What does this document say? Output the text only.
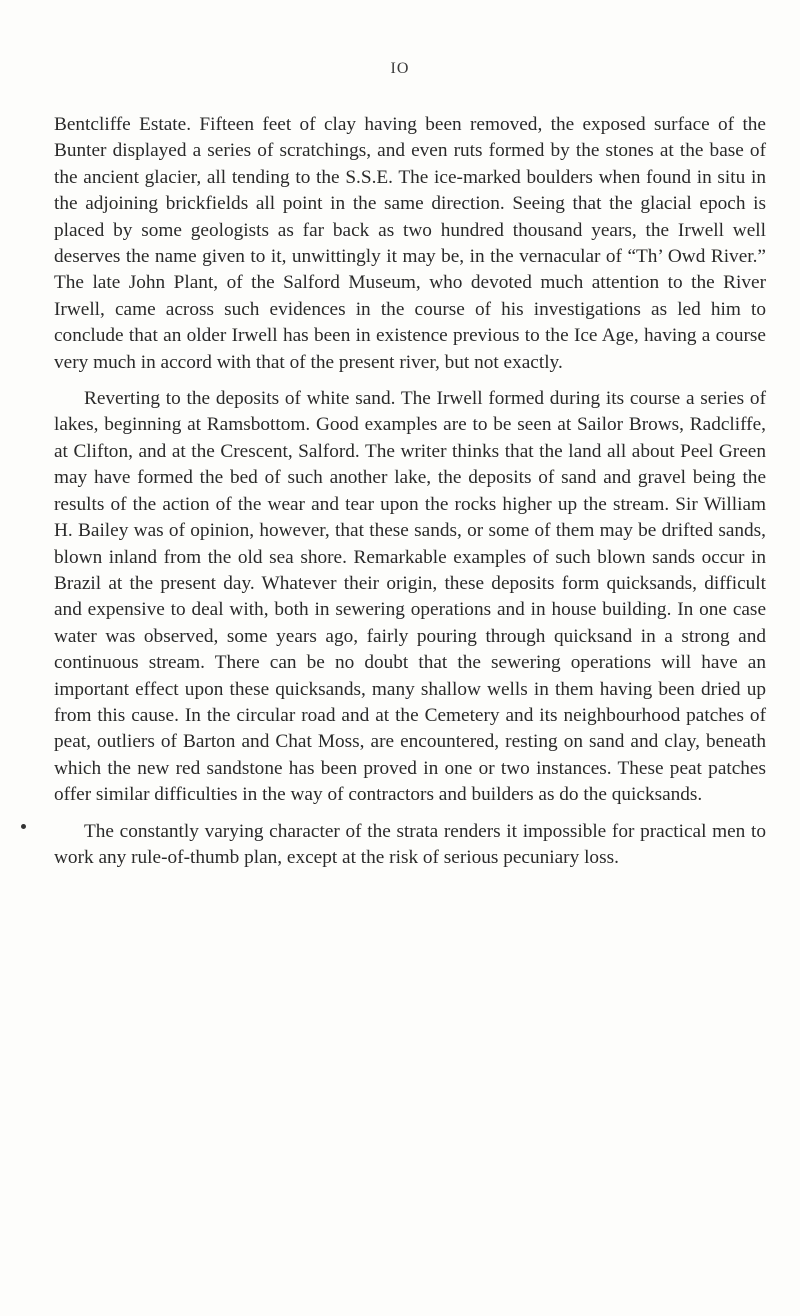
IO

Bentcliffe Estate. Fifteen feet of clay having been removed, the exposed surface of the Bunter displayed a series of scratchings, and even ruts formed by the stones at the base of the ancient glacier, all tending to the S.S.E. The ice-marked boulders when found in situ in the adjoining brickfields all point in the same direction. Seeing that the glacial epoch is placed by some geologists as far back as two hundred thousand years, the Irwell well deserves the name given to it, unwittingly it may be, in the vernacular of “Th’ Owd River.” The late John Plant, of the Salford Museum, who devoted much attention to the River Irwell, came across such evidences in the course of his investigations as led him to conclude that an older Irwell has been in existence previous to the Ice Age, having a course very much in accord with that of the present river, but not exactly.

Reverting to the deposits of white sand. The Irwell formed during its course a series of lakes, beginning at Ramsbottom. Good examples are to be seen at Sailor Brows, Radcliffe, at Clifton, and at the Crescent, Salford. The writer thinks that the land all about Peel Green may have formed the bed of such another lake, the deposits of sand and gravel being the results of the action of the wear and tear upon the rocks higher up the stream. Sir William H. Bailey was of opinion, however, that these sands, or some of them may be drifted sands, blown inland from the old sea shore. Remarkable examples of such blown sands occur in Brazil at the present day. Whatever their origin, these deposits form quicksands, difficult and expensive to deal with, both in sewering operations and in house building. In one case water was observed, some years ago, fairly pouring through quicksand in a strong and continuous stream. There can be no doubt that the sewering operations will have an important effect upon these quicksands, many shallow wells in them having been dried up from this cause. In the circular road and at the Cemetery and its neighbourhood patches of peat, outliers of Barton and Chat Moss, are encountered, resting on sand and clay, beneath which the new red sandstone has been proved in one or two instances. These peat patches offer similar difficulties in the way of contractors and builders as do the quicksands.

The constantly varying character of the strata renders it impossible for practical men to work any rule-of-thumb plan, except at the risk of serious pecuniary loss.
